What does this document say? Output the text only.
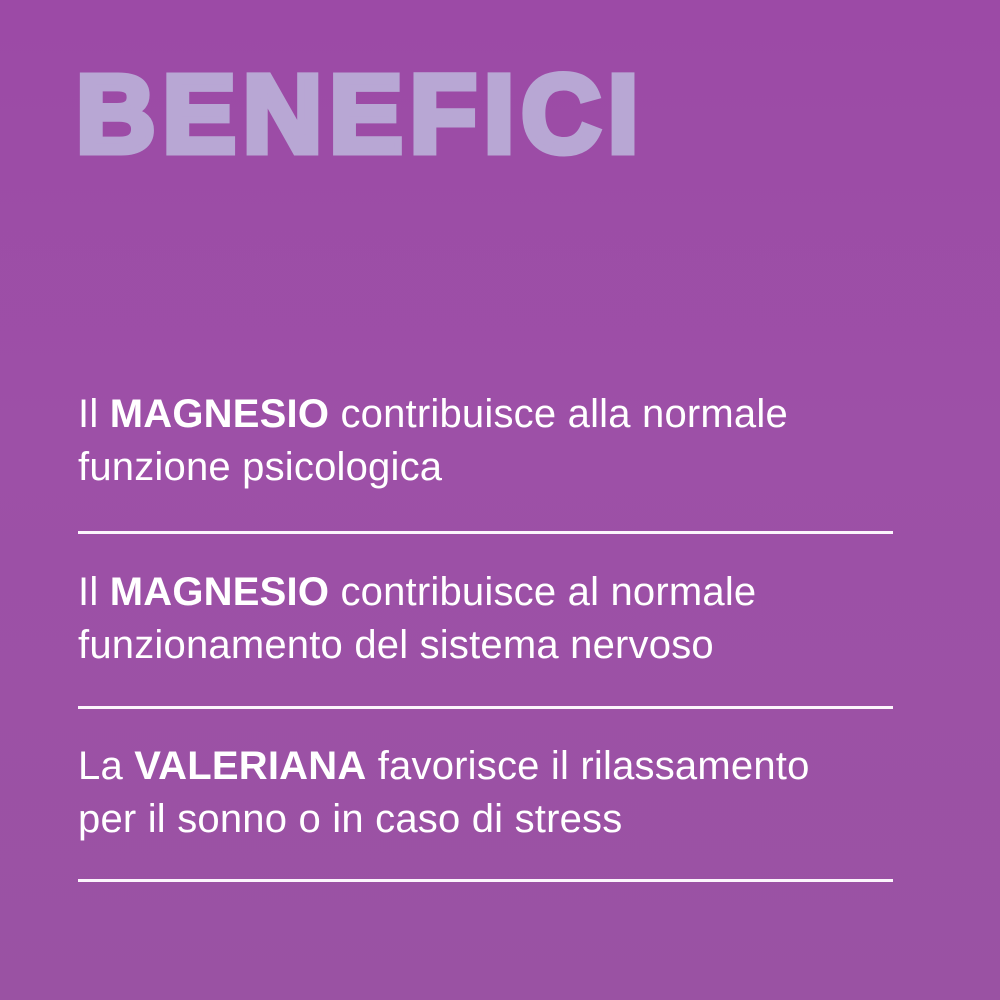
BENEFICI

Il MAGNESIO contribuisce alla normale
funzione psicologica

Il MAGNESIO contribuisce al normale
funzionamento del sistema nervoso

La VALERIANA favorisce il rilassamento
per il sonno o in caso di stress
